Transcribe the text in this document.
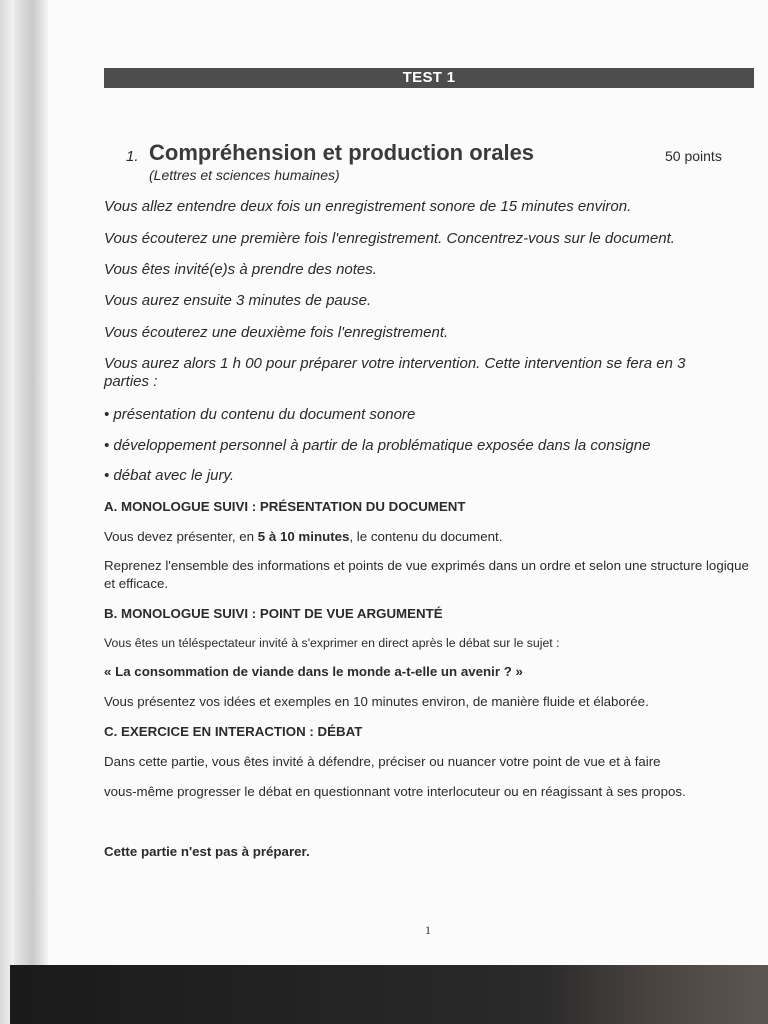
TEST 1
1. Compréhension et production orales	50 points
(Lettres et sciences humaines)
Vous allez entendre deux fois un enregistrement sonore de 15 minutes environ.
Vous écouterez une première fois l'enregistrement. Concentrez-vous sur le document.
Vous êtes invité(e)s à prendre des notes.
Vous aurez ensuite 3 minutes de pause.
Vous écouterez une deuxième fois l'enregistrement.
Vous aurez alors 1 h 00 pour préparer votre intervention. Cette intervention se fera en 3 parties :
• présentation du contenu du document sonore
• développement personnel à partir de la problématique exposée dans la consigne
• débat avec le jury.
A. MONOLOGUE SUIVI : PRÉSENTATION DU DOCUMENT
Vous devez présenter, en 5 à 10 minutes, le contenu du document.
Reprenez l'ensemble des informations et points de vue exprimés dans un ordre et selon une structure logique et efficace.
B. MONOLOGUE SUIVI : POINT DE VUE ARGUMENTÉ
Vous êtes un téléspectateur invité à s'exprimer en direct après le débat sur le sujet :
« La consommation de viande dans le monde a-t-elle un avenir ? »
Vous présentez vos idées et exemples en 10 minutes environ, de manière fluide et élaborée.
C. EXERCICE EN INTERACTION : DÉBAT
Dans cette partie, vous êtes invité à défendre, préciser ou nuancer votre point de vue et à faire
vous-même progresser le débat en questionnant votre interlocuteur ou en réagissant à ses propos.
Cette partie n'est pas à préparer.
1
